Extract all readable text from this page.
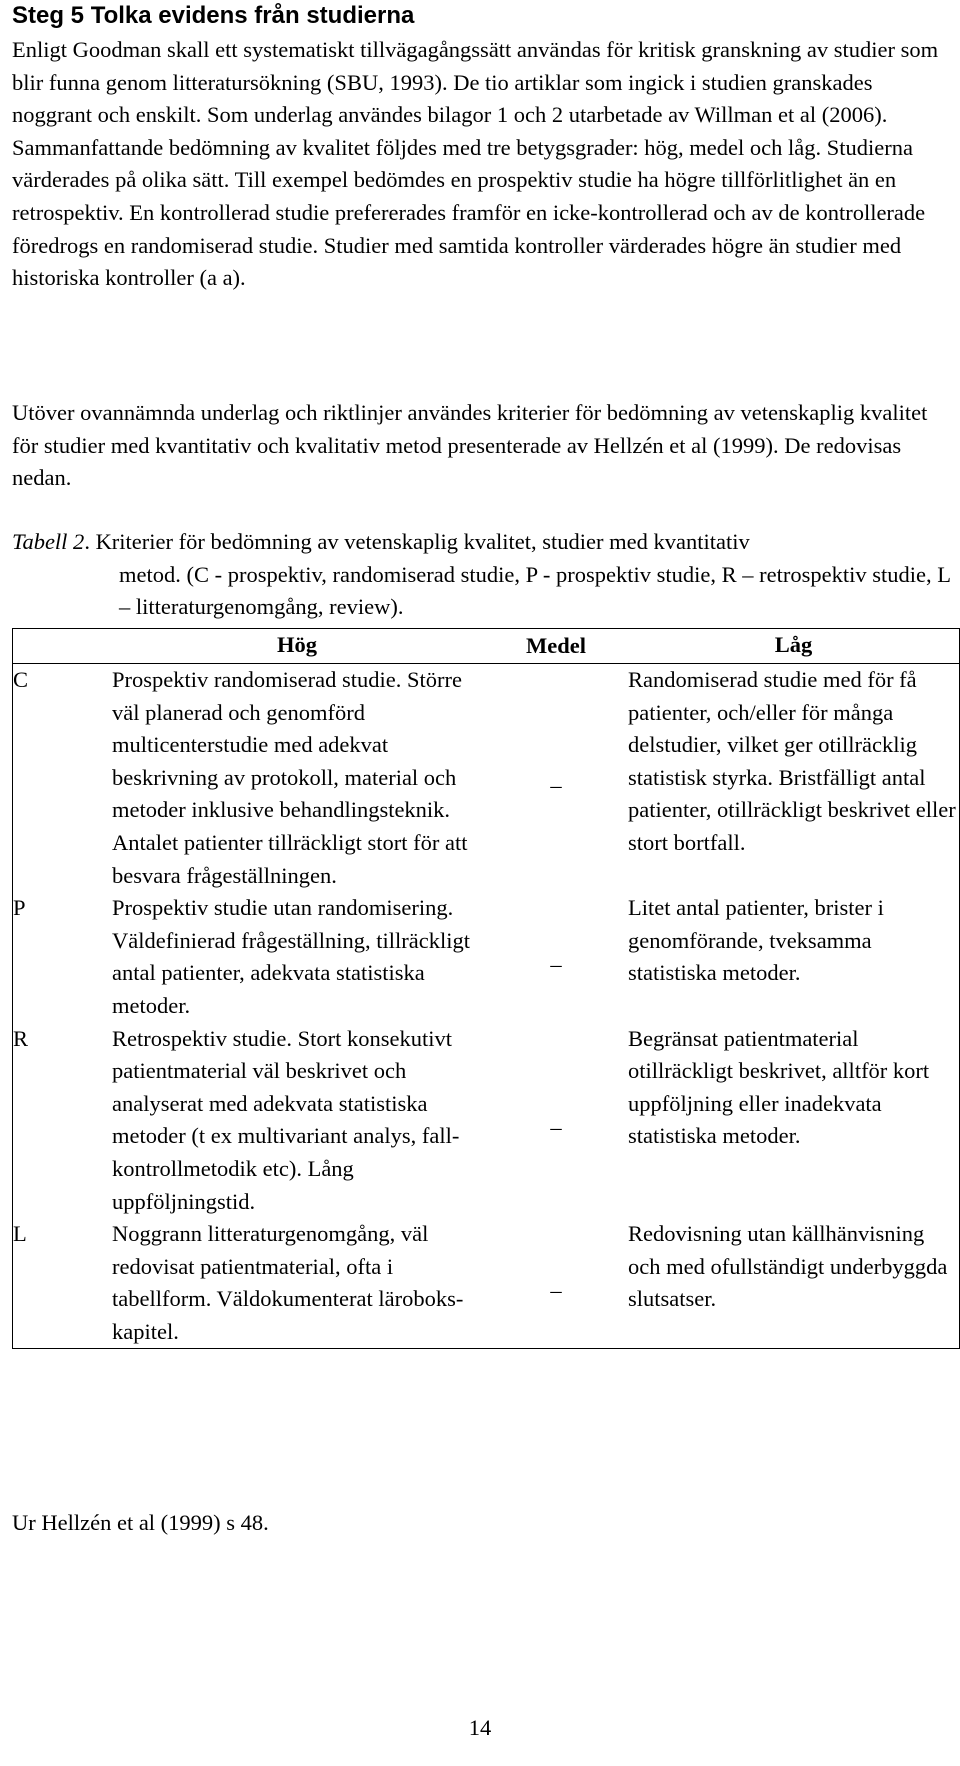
Steg 5 Tolka evidens från studierna
Enligt Goodman skall ett systematiskt tillvägagångssätt användas för kritisk granskning av studier som blir funna genom litteratursökning (SBU, 1993). De tio artiklar som ingick i studien granskades noggrant och enskilt. Som underlag användes bilagor 1 och 2 utarbetade av Willman et al (2006). Sammanfattande bedömning av kvalitet följdes med tre betygsgrader: hög, medel och låg. Studierna värderades på olika sätt. Till exempel bedömdes en prospektiv studie ha högre tillförlitlighet än en retrospektiv. En kontrollerad studie prefererades framför en icke-kontrollerad och av de kontrollerade föredrogs en randomiserad studie. Studier med samtida kontroller värderades högre än studier med historiska kontroller (a a).
Utöver ovannämnda underlag och riktlinjer användes kriterier för bedömning av vetenskaplig kvalitet för studier med kvantitativ och kvalitativ metod presenterade av Hellzén et al (1999). De redovisas nedan.
Tabell 2. Kriterier för bedömning av vetenskaplig kvalitet, studier med kvantitativ
metod. (C - prospektiv, randomiserad studie, P - prospektiv studie, R – retrospektiv studie, L – litteraturgenomgång, review).
	Hög	Medel	Låg
C	Prospektiv randomiserad studie. Större väl planerad och genomförd multicenterstudie med adekvat beskrivning av protokoll, material och metoder inklusive behandlingsteknik. Antalet patienter tillräckligt stort för att besvara frågeställningen.	_	Randomiserad studie med för få patienter, och/eller för många delstudier, vilket ger otillräcklig statistisk styrka. Bristfälligt antal patienter, otillräckligt beskrivet eller stort bortfall.
P	Prospektiv studie utan randomisering. Väldefinierad frågeställning, tillräckligt antal patienter, adekvata statistiska metoder.	_	Litet antal patienter, brister i genomförande, tveksamma statistiska metoder.
R	Retrospektiv studie. Stort konsekutivt patientmaterial väl beskrivet och analyserat med adekvata statistiska metoder (t ex multivariant analys, fall-kontrollmetodik etc). Lång uppföljningstid.	_	Begränsat patientmaterial otillräckligt beskrivet, alltför kort uppföljning eller inadekvata statistiska metoder.
L	Noggrann litteraturgenomgång, väl redovisat patientmaterial, ofta i tabellform. Väldokumenterat läroboks-kapitel.	_	Redovisning utan källhänvisning och med ofullständigt underbyggda slutsatser.
Ur Hellzén et al (1999) s 48.
14
